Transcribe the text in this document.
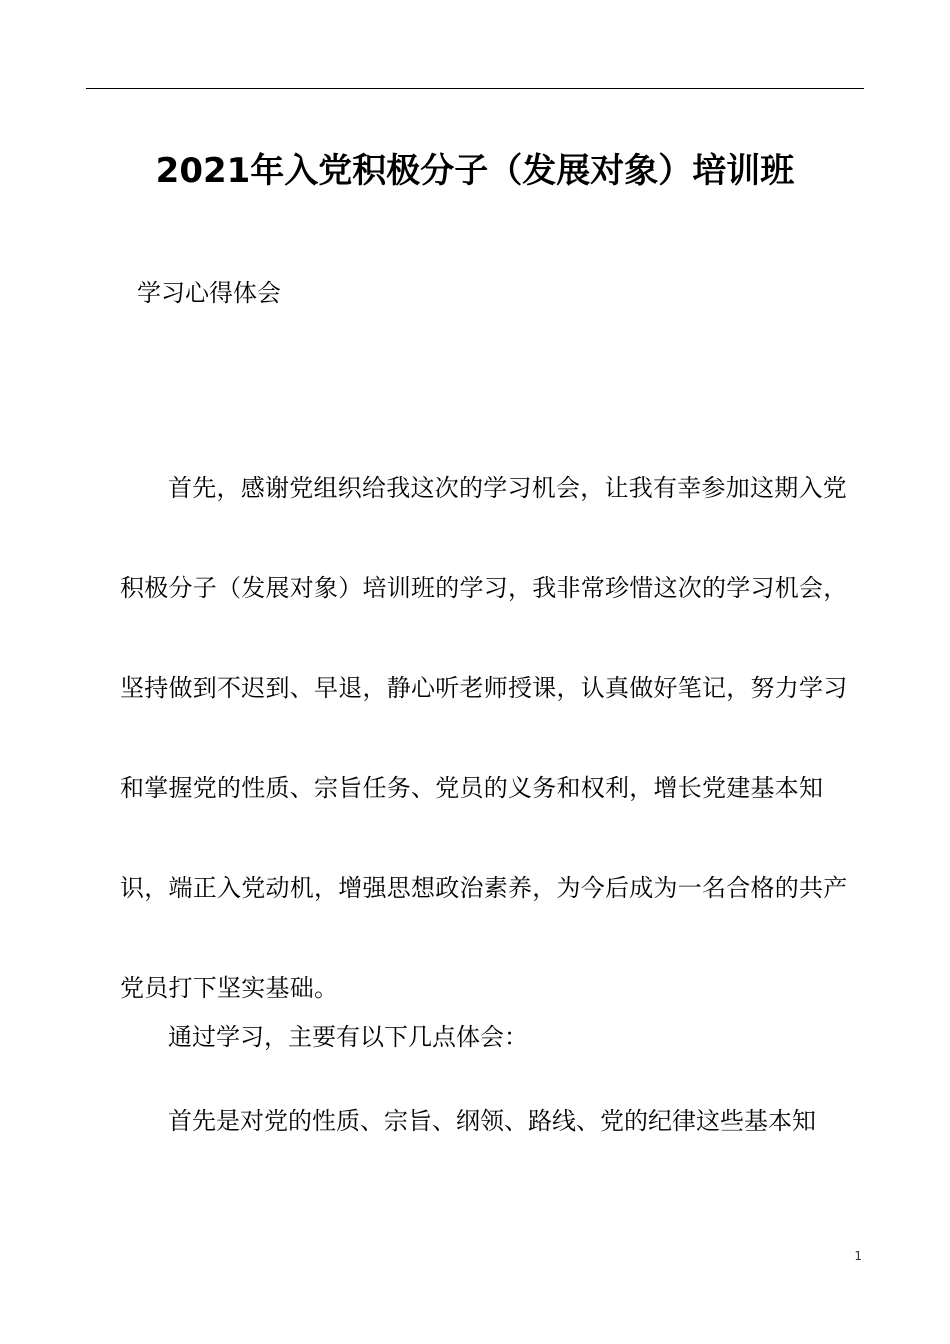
2021年入党积极分子（发展对象）培训班
学习心得体会

首先，感谢党组织给我这次的学习机会，让我有幸参加这期入党积极分子（发展对象）培训班的学习，我非常珍惜这次的学习机会，坚持做到不迟到、早退，静心听老师授课，认真做好笔记，努力学习和掌握党的性质、宗旨任务、党员的义务和权利，增长党建基本知识，端正入党动机，增强思想政治素养，为今后成为一名合格的共产党员打下坚实基础。

通过学习，主要有以下几点体会：

首先是对党的性质、宗旨、纲领、路线、党的纪律这些基本知

1
